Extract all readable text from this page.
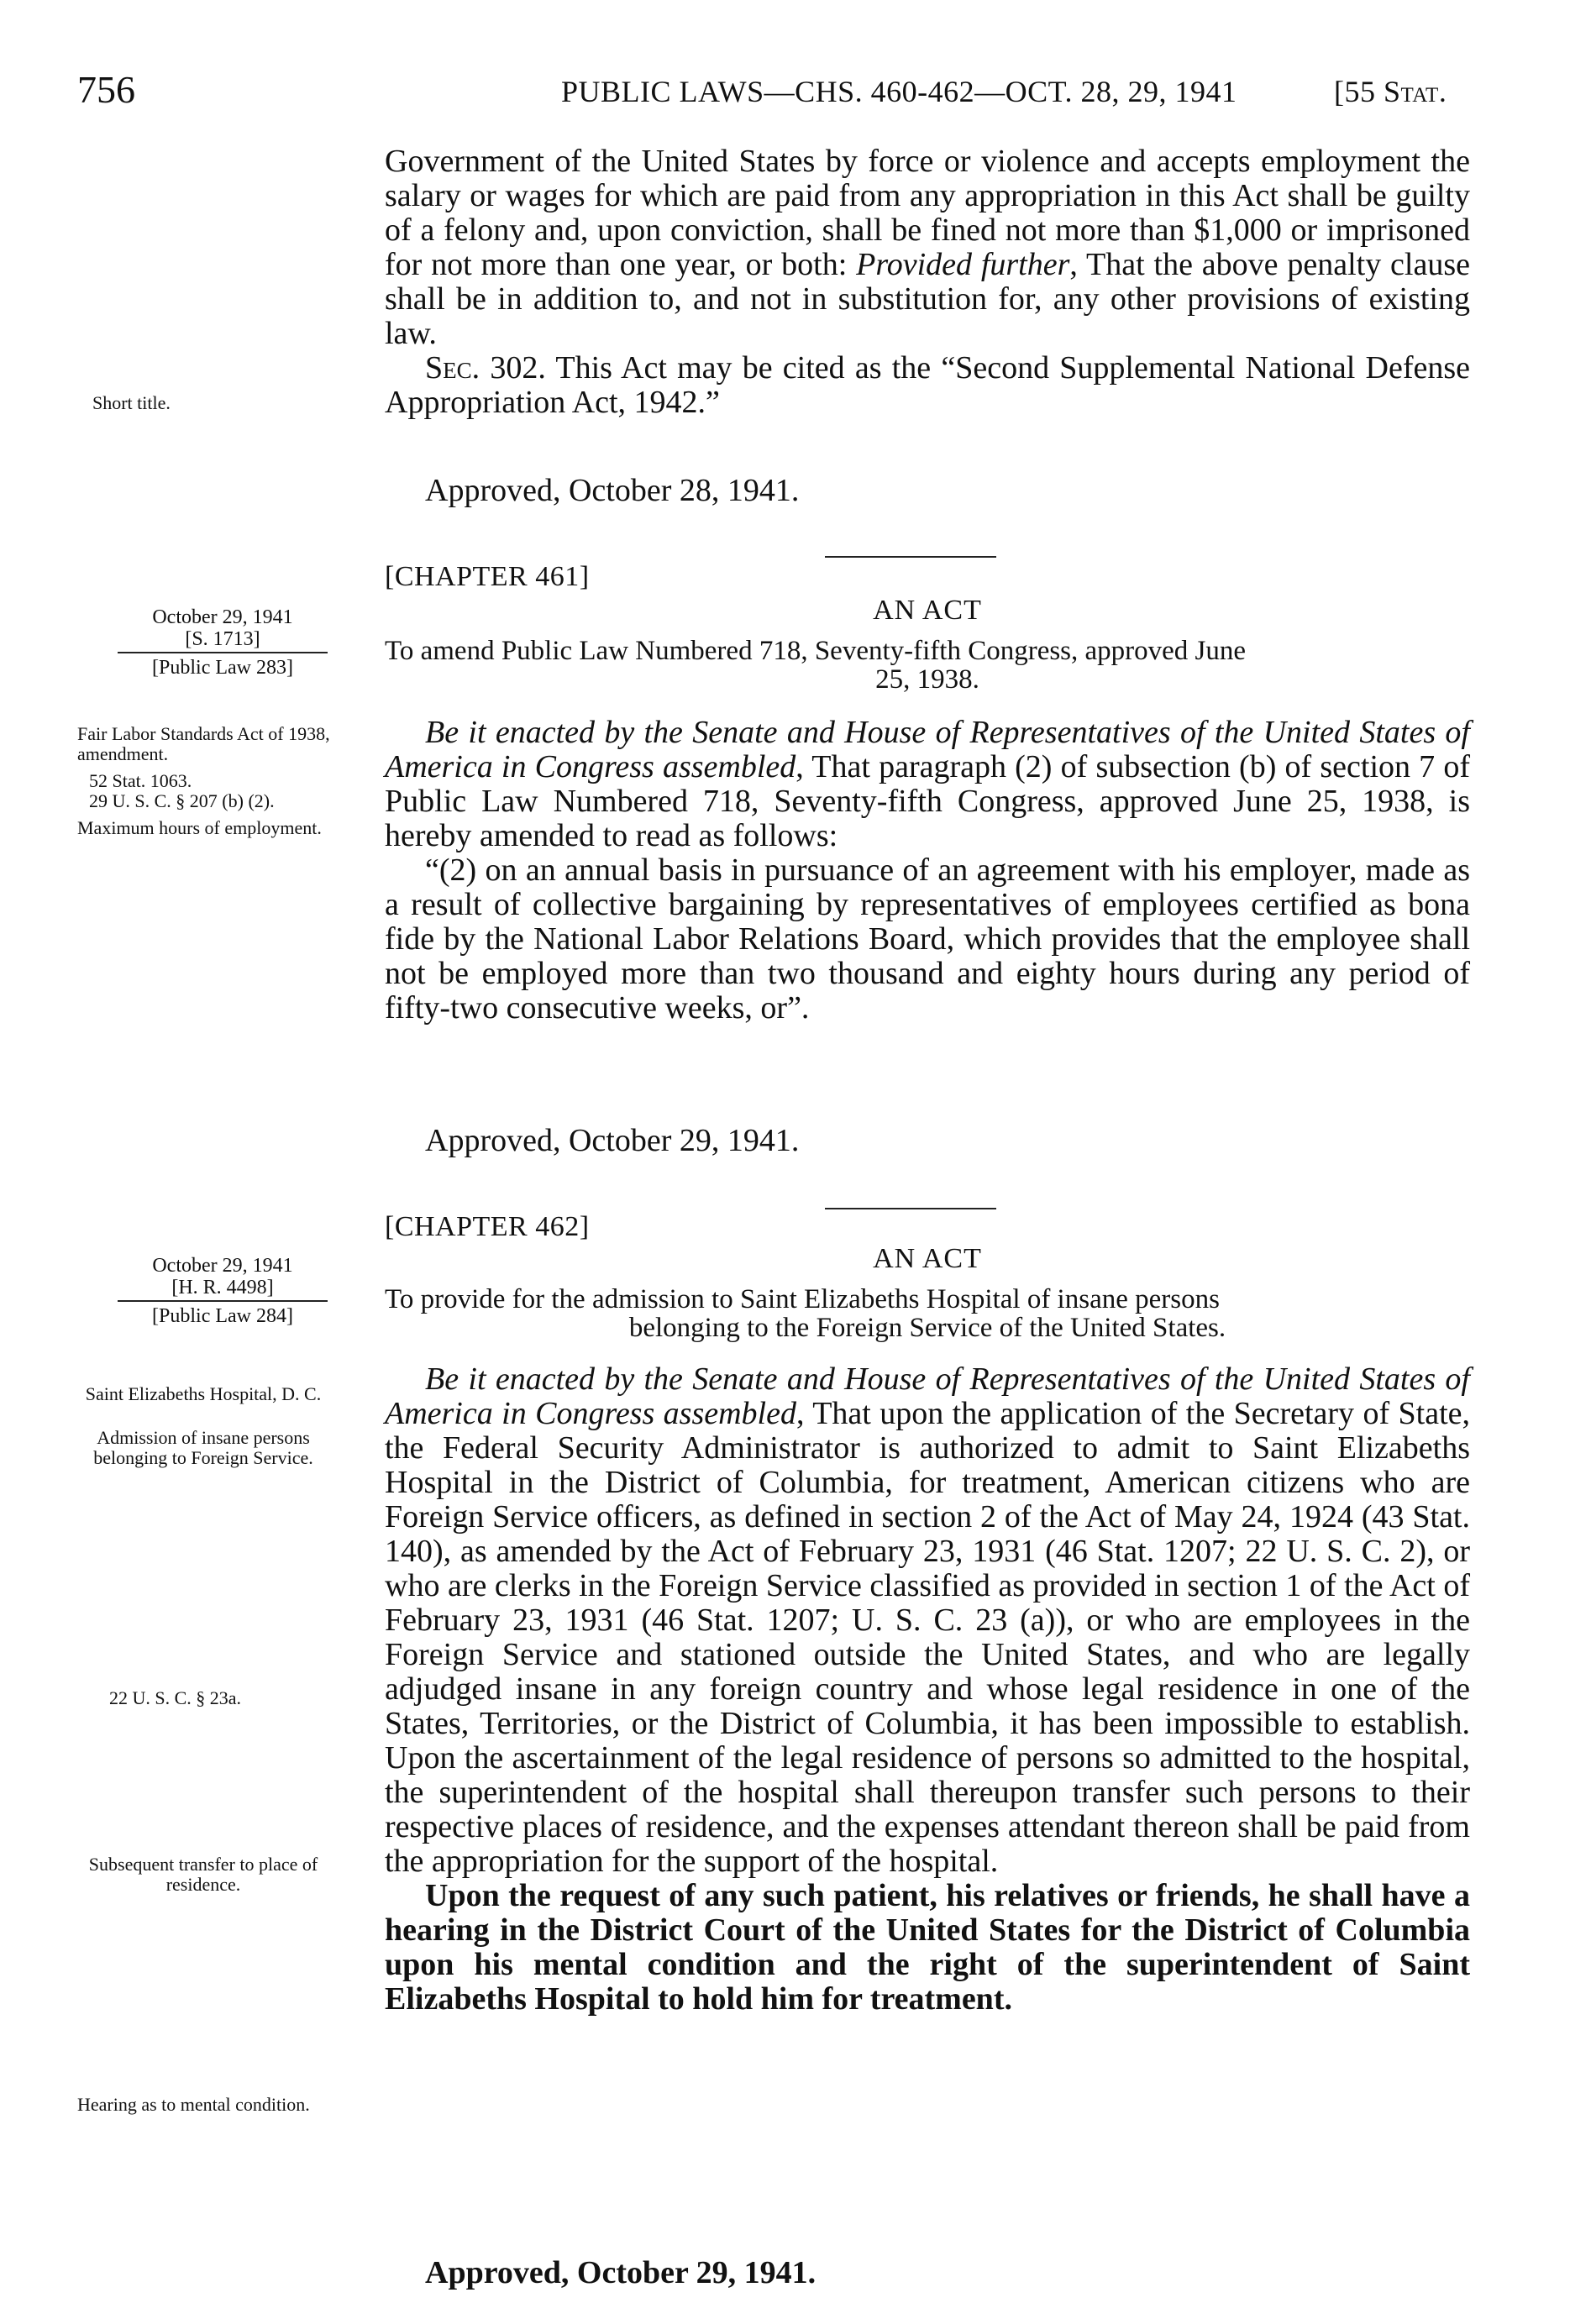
756	PUBLIC LAWS—CHS. 460-462—OCT. 28, 29, 1941	[55 Stat.

Government of the United States by force or violence and accepts employment the salary or wages for which are paid from any appropriation in this Act shall be guilty of a felony and, upon conviction, shall be fined not more than $1,000 or imprisoned for not more than one year, or both: Provided further, That the above penalty clause shall be in addition to, and not in substitution for, any other provisions of existing law.

Sec. 302. This Act may be cited as the “Second Supplemental National Defense Appropriation Act, 1942.”

Approved, October 28, 1941.
Short title.
[CHAPTER 461]
AN ACT
To amend Public Law Numbered 718, Seventy-fifth Congress, approved June
25, 1938.
October 29, 1941
[S. 1713]
[Public Law 283]

Be it enacted by the Senate and House of Representatives of the United States of America in Congress assembled, That paragraph (2) of subsection (b) of section 7 of Public Law Numbered 718, Seventy-fifth Congress, approved June 25, 1938, is hereby amended to read as follows:

“(2) on an annual basis in pursuance of an agreement with his employer, made as a result of collective bargaining by representatives of employees certified as bona fide by the National Labor Relations Board, which provides that the employee shall not be employed more than two thousand and eighty hours during any period of fifty-two consecutive weeks, or”.

Approved, October 29, 1941.
Fair Labor Standards Act of 1938, amendment.
52 Stat. 1063.
29 U. S. C. § 207 (b) (2).
Maximum hours of employment.
[CHAPTER 462]
AN ACT
To provide for the admission to Saint Elizabeths Hospital of insane persons
belonging to the Foreign Service of the United States.
October 29, 1941
[H. R. 4498]
[Public Law 284]

Be it enacted by the Senate and House of Representatives of the United States of America in Congress assembled, That upon the application of the Secretary of State, the Federal Security Administrator is authorized to admit to Saint Elizabeths Hospital in the District of Columbia, for treatment, American citizens who are Foreign Service officers, as defined in section 2 of the Act of May 24, 1924 (43 Stat. 140), as amended by the Act of February 23, 1931 (46 Stat. 1207; 22 U. S. C. 2), or who are clerks in the Foreign Service classified as provided in section 1 of the Act of February 23, 1931 (46 Stat. 1207; U. S. C. 23 (a)), or who are employees in the Foreign Service and stationed outside the United States, and who are legally adjudged insane in any foreign country and whose legal residence in one of the States, Territories, or the District of Columbia, it has been impossible to establish. Upon the ascertainment of the legal residence of persons so admitted to the hospital, the superintendent of the hospital shall thereupon transfer such persons to their respective places of residence, and the expenses attendant thereon shall be paid from the appropriation for the support of the hospital.

Upon the request of any such patient, his relatives or friends, he shall have a hearing in the District Court of the United States for the District of Columbia upon his mental condition and the right of the superintendent of Saint Elizabeths Hospital to hold him for treatment.

Approved, October 29, 1941.
Saint Elizabeths Hospital, D. C.
Admission of insane persons belonging to Foreign Service.
22 U. S. C. § 23a.
Subsequent transfer to place of residence.
Hearing as to mental condition.
